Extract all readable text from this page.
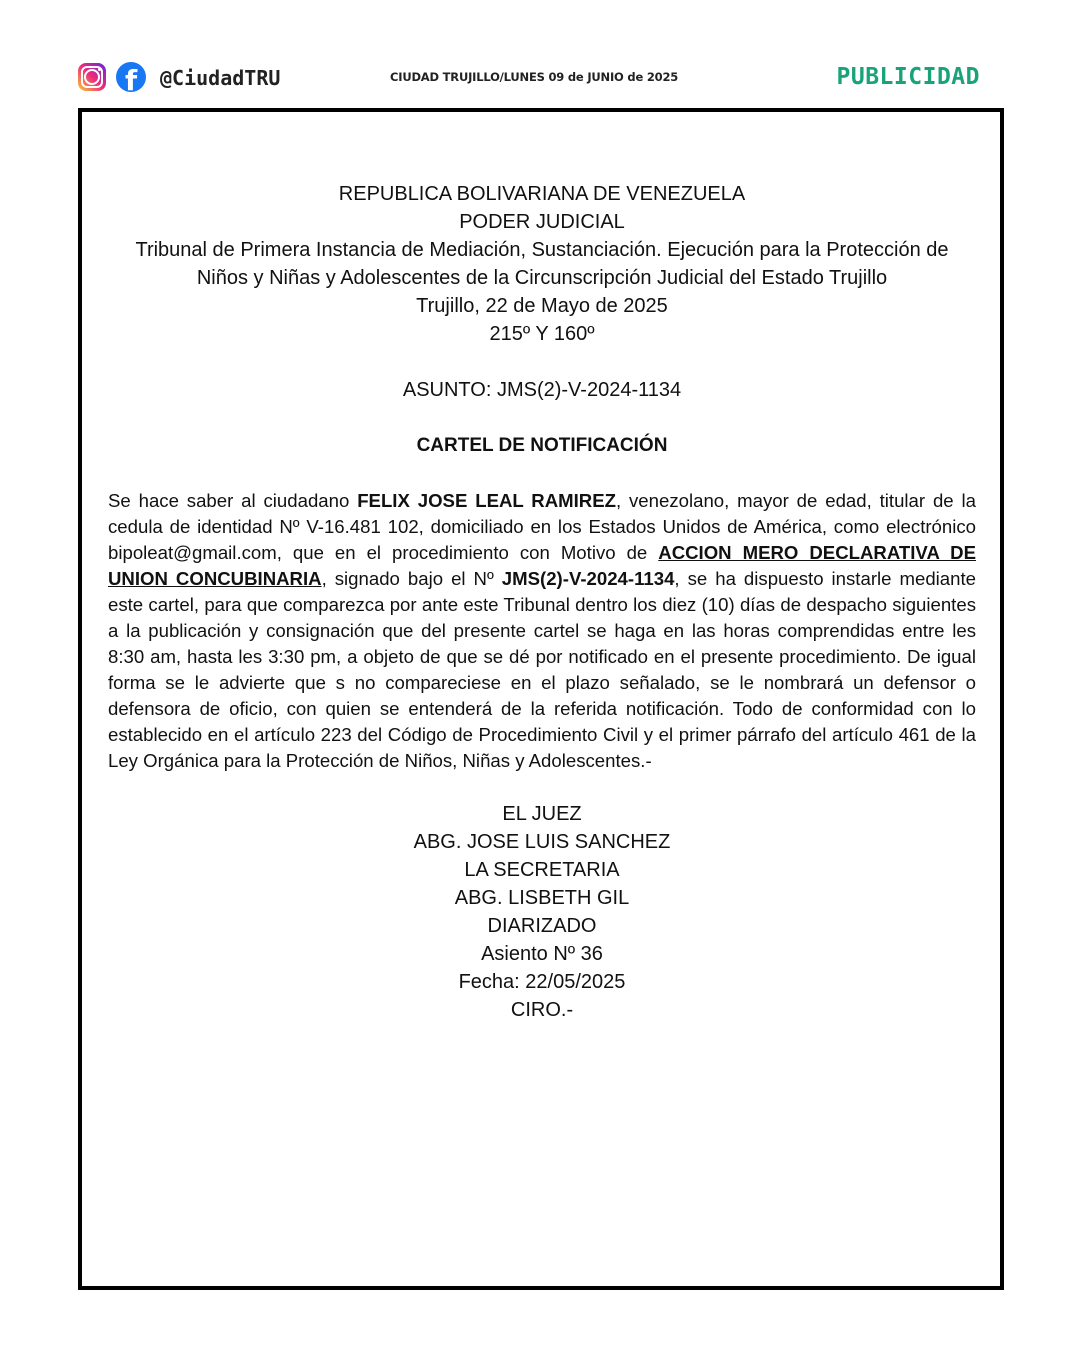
f @CiudadTRU	CIUDAD TRUJILLO/LUNES 09 de JUNIO de 2025	PUBLICIDAD
REPUBLICA BOLIVARIANA DE VENEZUELA
PODER JUDICIAL
Tribunal de Primera Instancia de Mediación, Sustanciación. Ejecución para la Protección de Niños y Niñas y Adolescentes de la Circunscripción Judicial del Estado Trujillo
Trujillo, 22 de Mayo de 2025
215º Y 160º
ASUNTO: JMS(2)-V-2024-1134
CARTEL DE NOTIFICACIÓN
Se hace saber al ciudadano FELIX JOSE LEAL RAMIREZ, venezolano, mayor de edad, titular de la cedula de identidad Nº V-16.481 102, domiciliado en los Estados Unidos de América, como electrónico bipoleat@gmail.com, que en el procedimiento con Motivo de ACCION MERO DECLARATIVA DE UNION CONCUBINARIA, signado bajo el Nº JMS(2)-V-2024-1134, se ha dispuesto instarle mediante este cartel, para que comparezca por ante este Tribunal dentro los diez (10) días de despacho siguientes a la publicación y consignación que del presente cartel se haga en las horas comprendidas entre les 8:30 am, hasta les 3:30 pm, a objeto de que se dé por notificado en el presente procedimiento. De igual forma se le advierte que s no compareciese en el plazo señalado, se le nombrará un defensor o defensora de oficio, con quien se entenderá de la referida notificación. Todo de conformidad con lo establecido en el artículo 223 del Código de Procedimiento Civil y el primer párrafo del artículo 461 de la Ley Orgánica para la Protección de Niños, Niñas y Adolescentes.-
EL JUEZ
ABG. JOSE LUIS SANCHEZ
LA SECRETARIA
ABG. LISBETH GIL
DIARIZADO
Asiento Nº 36
Fecha: 22/05/2025
CIRO.-
